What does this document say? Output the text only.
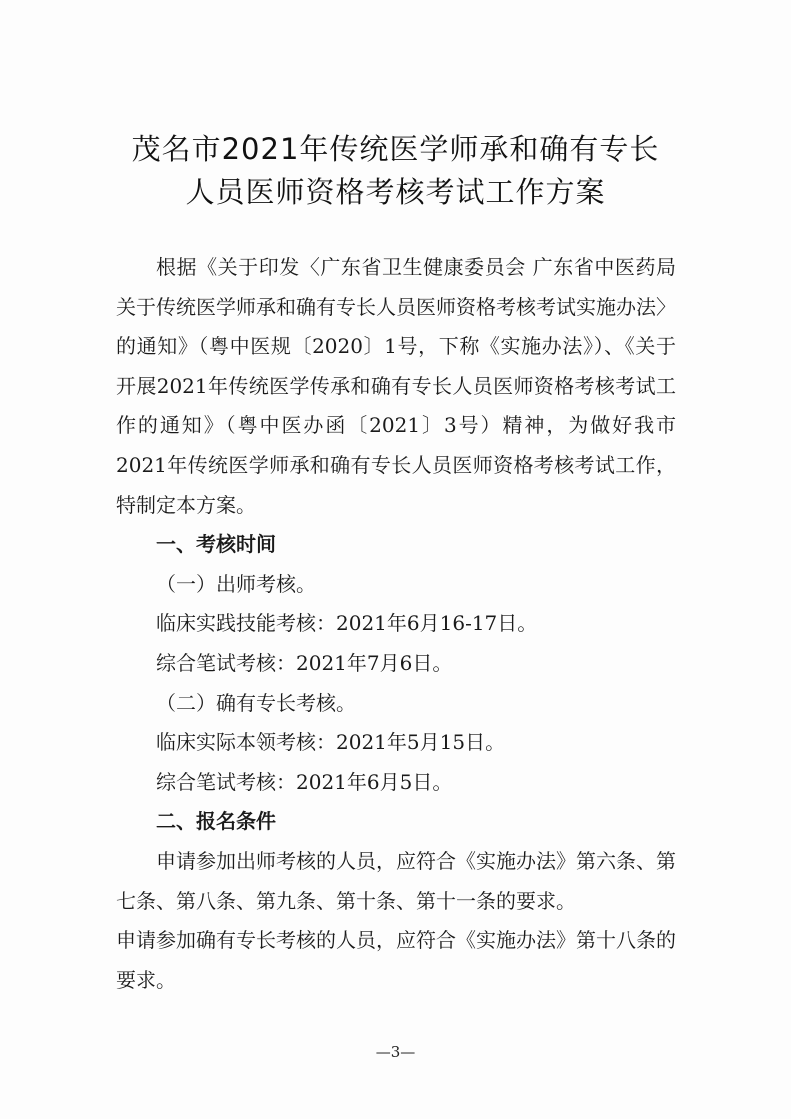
茂名市2021年传统医学师承和确有专长
人员医师资格考核考试工作方案

根据《关于印发〈广东省卫生健康委员会 广东省中医药局关于传统医学师承和确有专长人员医师资格考核考试实施办法〉的通知》（粤中医规〔2020〕1号，下称《实施办法》）、《关于开展2021年传统医学传承和确有专长人员医师资格考核考试工作的通知》（粤中医办函〔2021〕3号）精神，为做好我市2021年传统医学师承和确有专长人员医师资格考核考试工作，特制定本方案。

一、考核时间

（一）出师考核。

临床实践技能考核：2021年6月16-17日。

综合笔试考核：2021年7月6日。

（二）确有专长考核。

临床实际本领考核：2021年5月15日。

综合笔试考核：2021年6月5日。

二、报名条件

申请参加出师考核的人员，应符合《实施办法》第六条、第七条、第八条、第九条、第十条、第十一条的要求。

申请参加确有专长考核的人员，应符合《实施办法》第十八条的要求。

—3—
